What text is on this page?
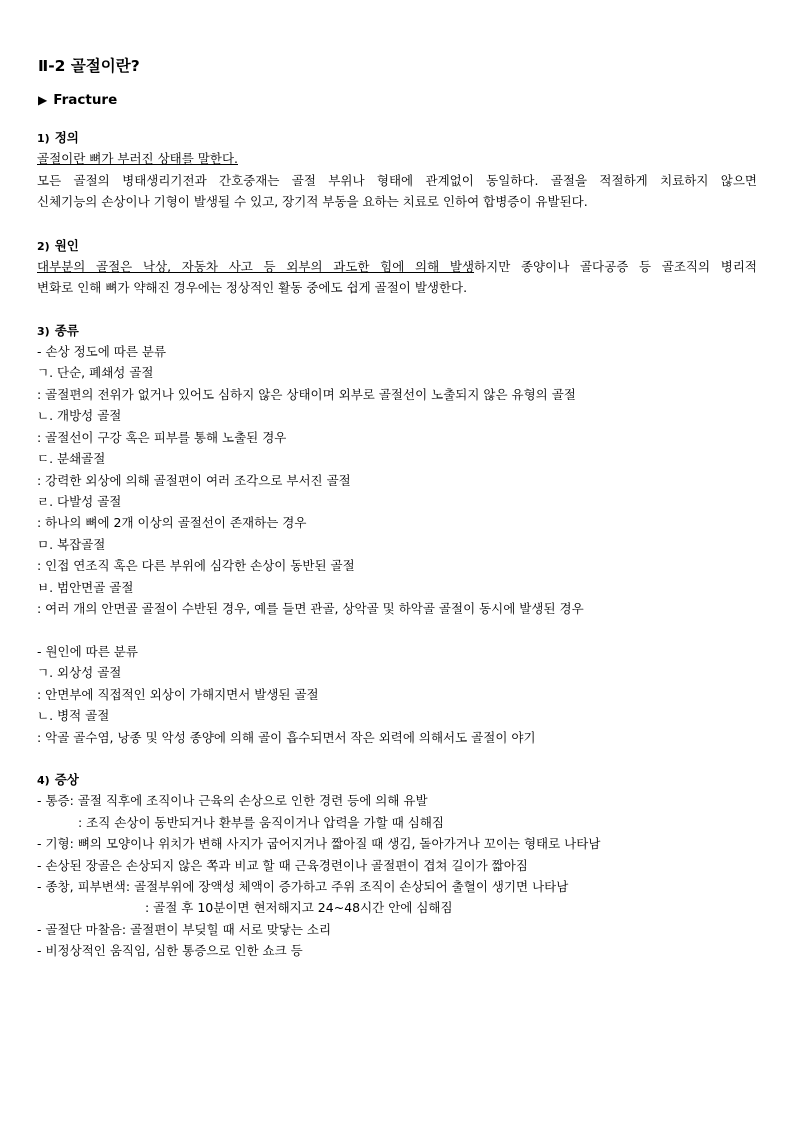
Ⅱ-2 골절이란?
▶ Fracture
1) 정의
골절이란 뼈가 부러진 상태를 말한다.
모든 골절의 병태생리기전과 간호중재는 골절 부위나 형태에 관계없이 동일하다. 골절을 적절하게 치료하지 않으면
신체기능의 손상이나 기형이 발생될 수 있고, 장기적 부동을 요하는 치료로 인하여 합병증이 유발된다.
2) 원인
대부분의 골절은 낙상, 자동차 사고 등 외부의 과도한 힘에 의해 발생하지만 종양이나 골다공증 등 골조직의 병리적
변화로 인해 뼈가 약해진 경우에는 정상적인 활동 중에도 쉽게 골절이 발생한다.
3) 종류
- 손상 정도에 따른 분류
ㄱ. 단순, 폐쇄성 골절
: 골절편의 전위가 없거나 있어도 심하지 않은 상태이며 외부로 골절선이 노출되지 않은 유형의 골절
ㄴ. 개방성 골절
: 골절선이 구강 혹은 피부를 통해 노출된 경우
ㄷ. 분쇄골절
: 강력한 외상에 의해 골절편이 여러 조각으로 부서진 골절
ㄹ. 다발성 골절
: 하나의 뼈에 2개 이상의 골절선이 존재하는 경우
ㅁ. 복잡골절
: 인접 연조직 혹은 다른 부위에 심각한 손상이 동반된 골절
ㅂ. 범안면골 골절
: 여러 개의 안면골 골절이 수반된 경우, 예를 들면 관골, 상악골 및 하악골 골절이 동시에 발생된 경우
- 원인에 따른 분류
ㄱ. 외상성 골절
: 안면부에 직접적인 외상이 가해지면서 발생된 골절
ㄴ. 병적 골절
: 악골 골수염, 낭종 및 악성 종양에 의해 골이 흡수되면서 작은 외력에 의해서도 골절이 야기
4) 증상
- 통증: 골절 직후에 조직이나 근육의 손상으로 인한 경련 등에 의해 유발
: 조직 손상이 동반되거나 환부를 움직이거나 압력을 가할 때 심해짐
- 기형: 뼈의 모양이나 위치가 변해 사지가 굽어지거나 짧아질 때 생김, 돌아가거나 꼬이는 형태로 나타남
- 손상된 장골은 손상되지 않은 쪽과 비교 할 때 근육경련이나 골절편이 겹쳐 길이가 짧아짐
- 종창, 피부변색: 골절부위에 장액성 체액이 증가하고 주위 조직이 손상되어 출혈이 생기면 나타남
: 골절 후 10분이면 현저해지고 24~48시간 안에 심해짐
- 골절단 마찰음: 골절편이 부딪힐 때 서로 맞닿는 소리
- 비정상적인 움직임, 심한 통증으로 인한 쇼크 등
